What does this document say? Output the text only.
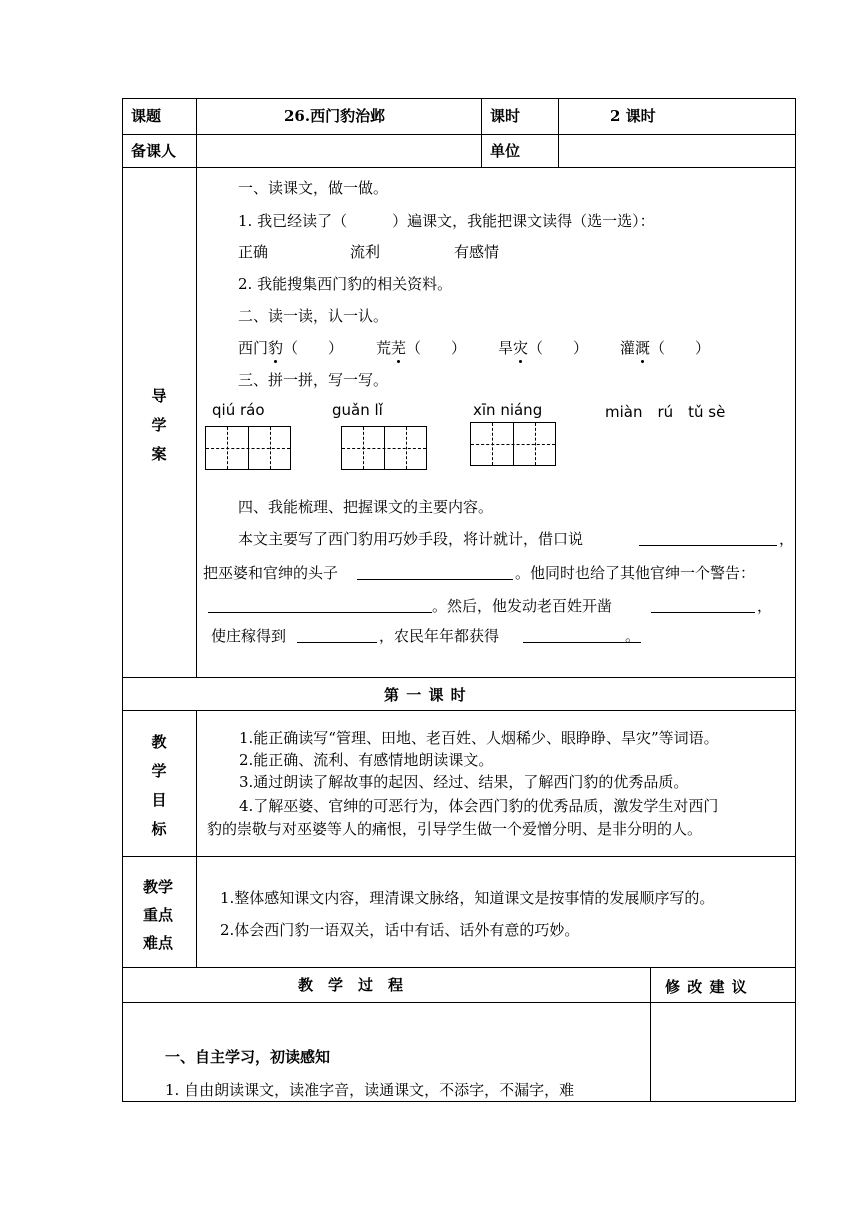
课题	26.西门豹治邺	课时	2 课时
备课人	单位
导学案
一、读课文，做一做。
1. 我已经读了（　　　）遍课文，我能把课文读得（选一选）：
正确	流利	有感情
2. 我能搜集西门豹的相关资料。
二、读一读，认一认。
西门豹（　　） 荒芜（　　） 旱灾（　　） 灌溉（　　）
三、拼一拼，写一写。
qiú ráo	guǎn lǐ	xīn niáng	miàn　rú　tǔ sè
四、我能梳理、把握课文的主要内容。
本文主要写了西门豹用巧妙手段，将计就计，借口说	，
把巫婆和官绅的头子	。他同时也给了其他官绅一个警告：
。然后，他发动老百姓开凿	，
使庄稼得到	，农民年年都获得	。
第 一 课 时
教学目标
1.能正确读写“管理、田地、老百姓、人烟稀少、眼睁睁、旱灾”等词语。
2.能正确、流利、有感情地朗读课文。
3.通过朗读了解故事的起因、经过、结果，了解西门豹的优秀品质。
4.了解巫婆、官绅的可恶行为，体会西门豹的优秀品质，激发学生对西门
豹的崇敬与对巫婆等人的痛恨，引导学生做一个爱憎分明、是非分明的人。
教学
重点
难点
1.整体感知课文内容，理清课文脉络，知道课文是按事情的发展顺序写的。
2.体会西门豹一语双关，话中有话、话外有意的巧妙。
教　学　过　程	修 改 建 议
一、自主学习，初读感知
1. 自由朗读课文，读准字音，读通课文，不添字，不漏字，难
